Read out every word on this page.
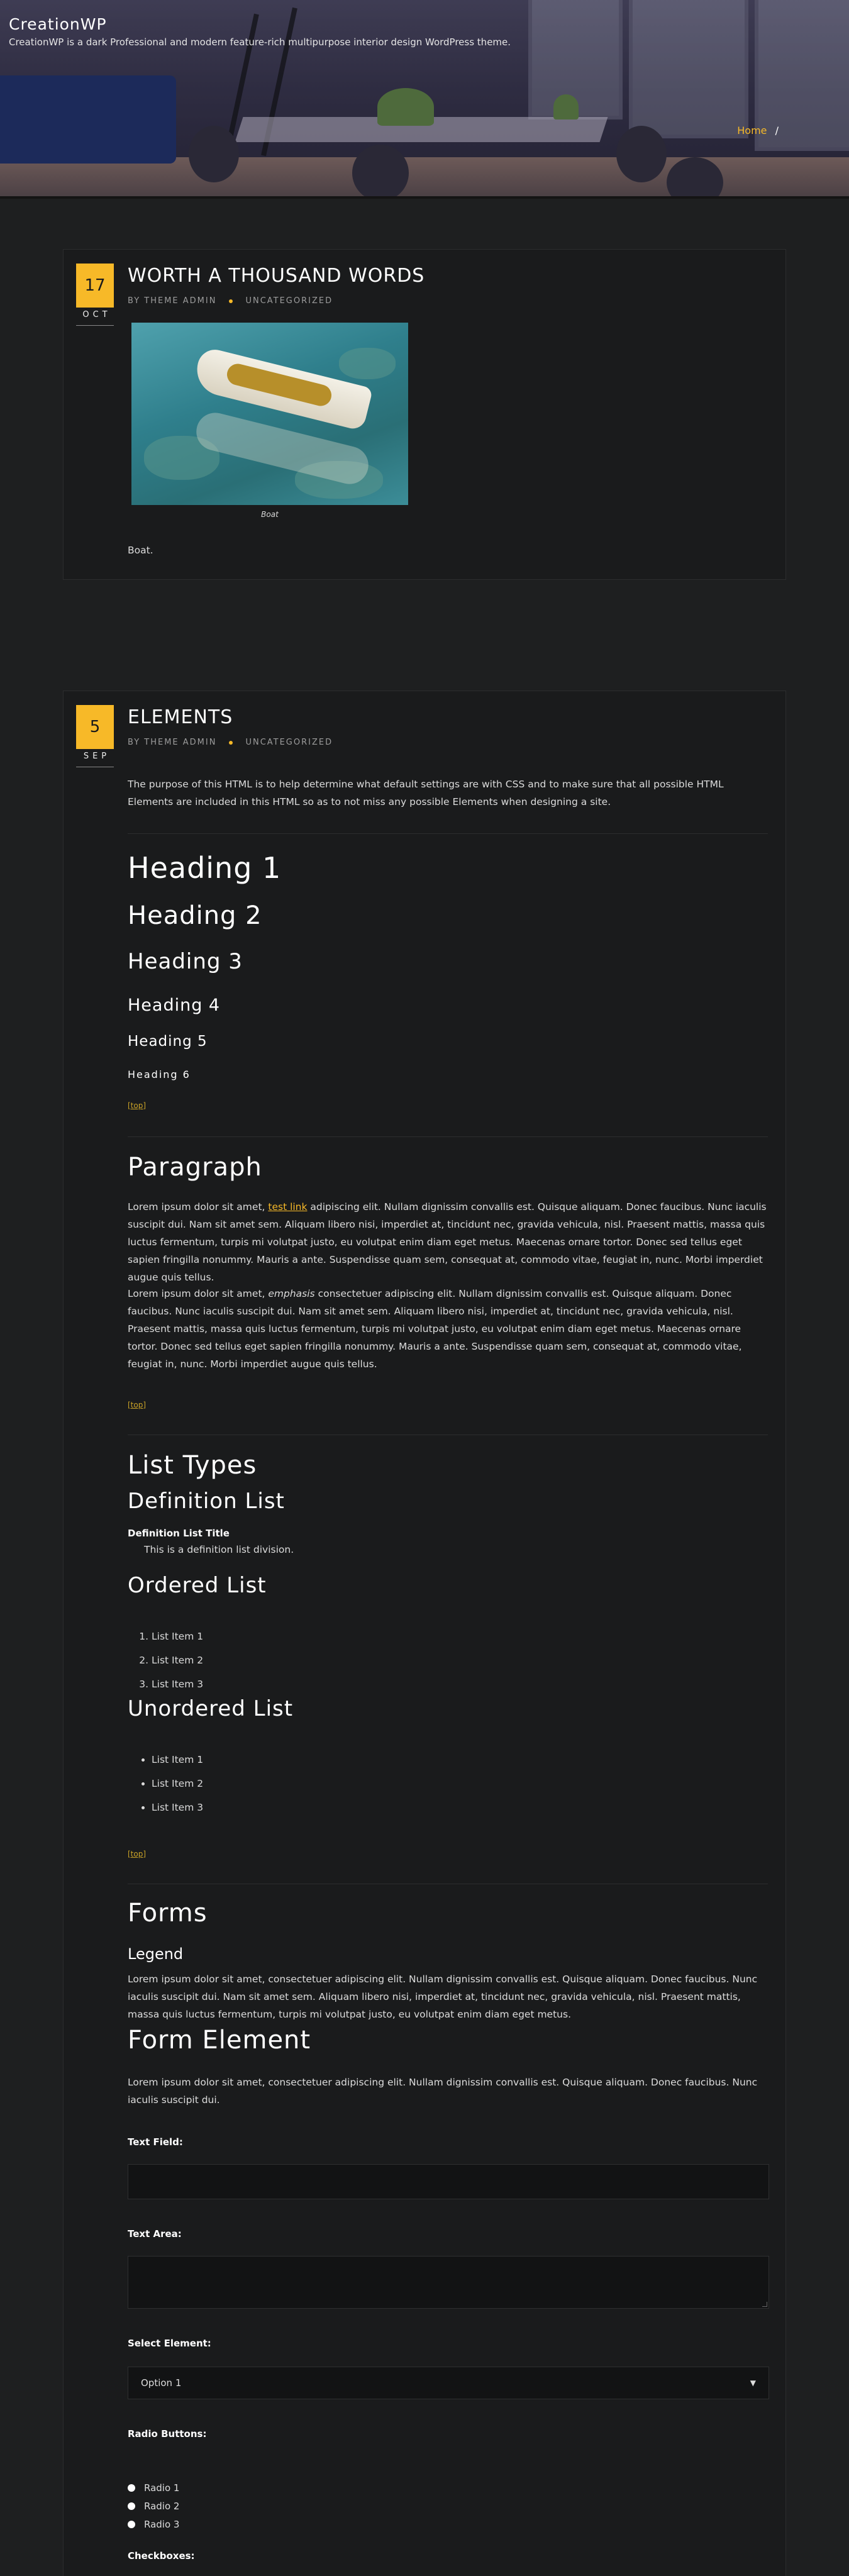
CreationWP
CreationWP is a dark Professional and modern feature-rich multipurpose interior design WordPress theme.
Home /
17
OCT
WORTH A THOUSAND WORDS
BY THEME ADMIN	UNCATEGORIZED
Boat
Boat.
5
SEP
ELEMENTS
BY THEME ADMIN	UNCATEGORIZED

The purpose of this HTML is to help determine what default settings are with CSS and to make sure that all possible HTML Elements are included in this HTML so as to not miss any possible Elements when designing a site.

Heading 1
Heading 2
Heading 3
Heading 4
Heading 5
Heading 6
[top]
Paragraph

Lorem ipsum dolor sit amet, test link adipiscing elit. Nullam dignissim convallis est. Quisque aliquam. Donec faucibus. Nunc iaculis suscipit dui. Nam sit amet sem. Aliquam libero nisi, imperdiet at, tincidunt nec, gravida vehicula, nisl. Praesent mattis, massa quis luctus fermentum, turpis mi volutpat justo, eu volutpat enim diam eget metus. Maecenas ornare tortor. Donec sed tellus eget sapien fringilla nonummy. Mauris a ante. Suspendisse quam sem, consequat at, commodo vitae, feugiat in, nunc. Morbi imperdiet augue quis tellus.

Lorem ipsum dolor sit amet, emphasis consectetuer adipiscing elit. Nullam dignissim convallis est. Quisque aliquam. Donec faucibus. Nunc iaculis suscipit dui. Nam sit amet sem. Aliquam libero nisi, imperdiet at, tincidunt nec, gravida vehicula, nisl. Praesent mattis, massa quis luctus fermentum, turpis mi volutpat justo, eu volutpat enim diam eget metus. Maecenas ornare tortor. Donec sed tellus eget sapien fringilla nonummy. Mauris a ante. Suspendisse quam sem, consequat at, commodo vitae, feugiat in, nunc. Morbi imperdiet augue quis tellus.

[top]
List Types
Definition List
Definition List Title
This is a definition list division.
Ordered List
1. List Item 1
2. List Item 2
3. List Item 3
Unordered List
• List Item 1
• List Item 2
• List Item 3
[top]
Forms
Legend

Lorem ipsum dolor sit amet, consectetuer adipiscing elit. Nullam dignissim convallis est. Quisque aliquam. Donec faucibus. Nunc iaculis suscipit dui. Nam sit amet sem. Aliquam libero nisi, imperdiet at, tincidunt nec, gravida vehicula, nisl. Praesent mattis, massa quis luctus fermentum, turpis mi volutpat justo, eu volutpat enim diam eget metus.

Form Element

Lorem ipsum dolor sit amet, consectetuer adipiscing elit. Nullam dignissim convallis est. Quisque aliquam. Donec faucibus. Nunc iaculis suscipit dui.

Text Field:
Text Area:
Select Element:
Option 1	▼
Radio Buttons:
Radio 1
Radio 2
Radio 3
Checkboxes:
